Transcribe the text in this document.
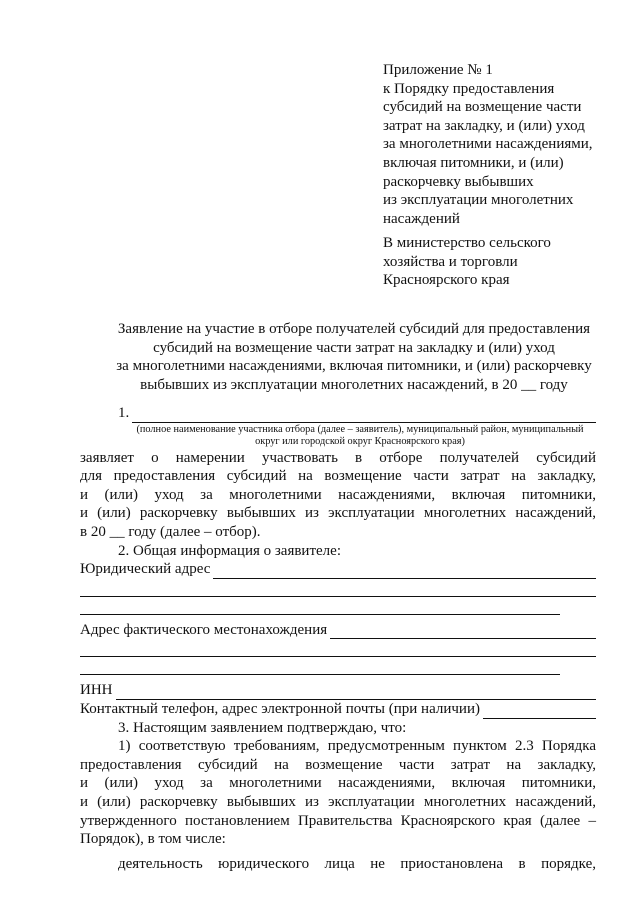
Приложение № 1
к Порядку предоставления
субсидий на возмещение части
затрат на закладку, и (или) уход
за многолетними насаждениями,
включая питомники, и (или)
раскорчевку выбывших
из эксплуатации многолетних
насаждений
В министерство сельского
хозяйства и торговли
Красноярского края
Заявление на участие в отборе получателей субсидий для предоставления
субсидий на возмещение части затрат на закладку и (или) уход
за многолетними насаждениями, включая питомники, и (или) раскорчевку
выбывших из эксплуатации многолетних насаждений, в 20 __ году
1.
(полное наименование участника отбора (далее – заявитель), муниципальный район, муниципальный
округ или городской округ Красноярского края)
заявляет о намерении участвовать в отборе получателей субсидий
для предоставления субсидий на возмещение части затрат на закладку,
и (или) уход за многолетними насаждениями, включая питомники,
и (или) раскорчевку выбывших из эксплуатации многолетних насаждений,
в 20 __ году (далее – отбор).
2. Общая информация о заявителе:
Юридический адрес
Адрес фактического местонахождения
ИНН
Контактный телефон, адрес электронной почты (при наличии)
3. Настоящим заявлением подтверждаю, что:
1) соответствую требованиям, предусмотренным пунктом 2.3 Порядка
предоставления субсидий на возмещение части затрат на закладку,
и (или) уход за многолетними насаждениями, включая питомники,
и (или) раскорчевку выбывших из эксплуатации многолетних насаждений,
утвержденного постановлением Правительства Красноярского края (далее –
Порядок), в том числе:
деятельность юридического лица не приостановлена в порядке,
